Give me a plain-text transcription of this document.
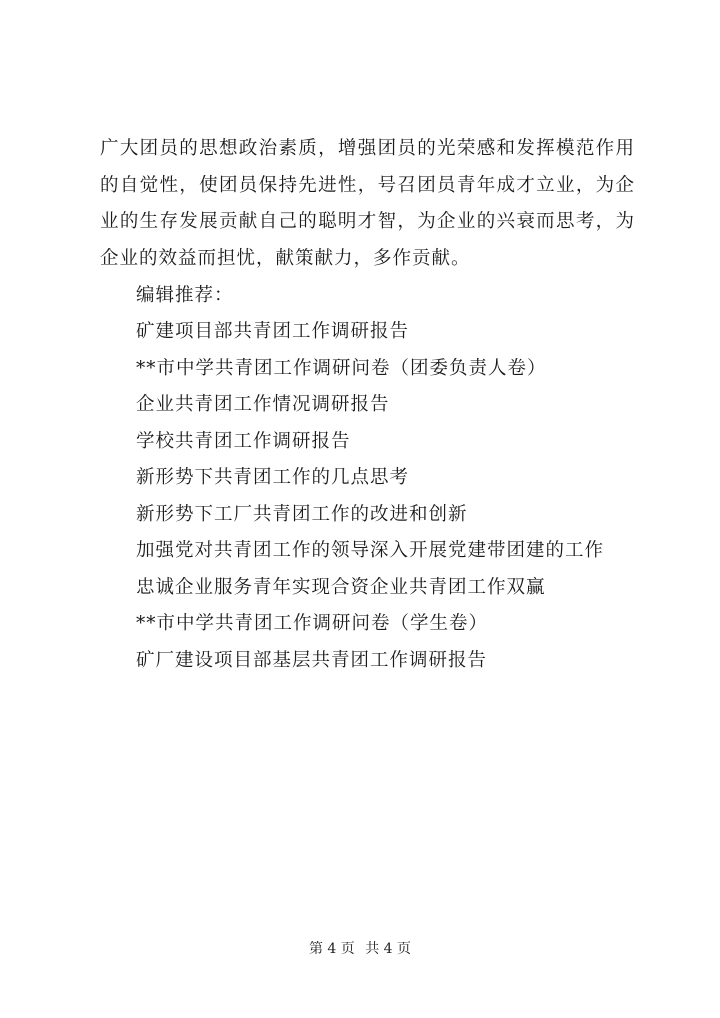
广大团员的思想政治素质，增强团员的光荣感和发挥模范作用的自觉性，使团员保持先进性，号召团员青年成才立业，为企业的生存发展贡献自己的聪明才智，为企业的兴衰而思考，为企业的效益而担忧，献策献力，多作贡献。

编辑推荐：

矿建项目部共青团工作调研报告
**市中学共青团工作调研问卷（团委负责人卷）
企业共青团工作情况调研报告
学校共青团工作调研报告
新形势下共青团工作的几点思考
新形势下工厂共青团工作的改进和创新
加强党对共青团工作的领导深入开展党建带团建的工作
忠诚企业服务青年实现合资企业共青团工作双赢
**市中学共青团工作调研问卷（学生卷）
矿厂建设项目部基层共青团工作调研报告
第 4 页 共 4 页
